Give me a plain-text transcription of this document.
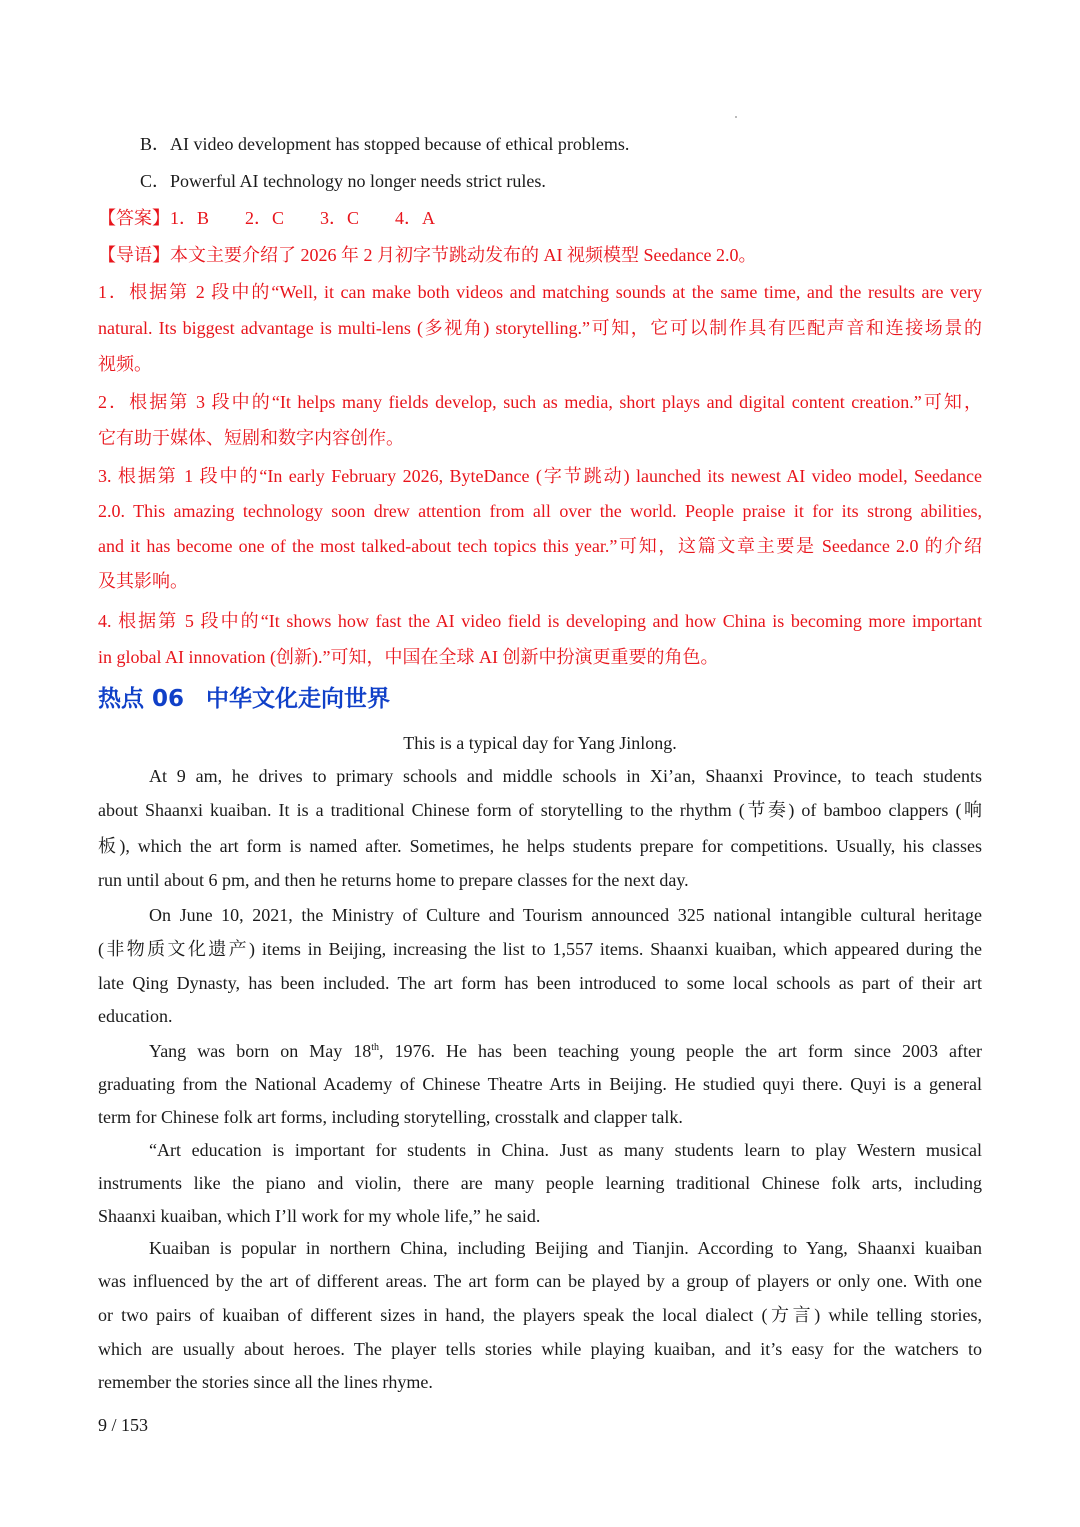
B．AI video development has stopped because of ethical problems.
C．Powerful AI technology no longer needs strict rules.
【答案】1．B　　2．C　　3．C　　4．A
【导语】本文主要介绍了 2026 年 2 月初字节跳动发布的 AI 视频模型 Seedance 2.0。
1．根据第 2 段中的“Well, it can make both videos and matching sounds at the same time, and the results are very
natural. Its biggest advantage is multi-lens (多视角) storytelling.”可知，它可以制作具有匹配声音和连接场景的
视频。
2．根据第 3 段中的“It helps many fields develop, such as media, short plays and digital content creation.”可知，
它有助于媒体、短剧和数字内容创作。
3. 根据第 1 段中的“In early February 2026, ByteDance (字节跳动) launched its newest AI video model, Seedance
2.0. This amazing technology soon drew attention from all over the world. People praise it for its strong abilities,
and it has become one of the most talked-about tech topics this year.”可知，这篇文章主要是 Seedance 2.0 的介绍
及其影响。
4. 根据第 5 段中的“It shows how fast the AI video field is developing and how China is becoming more important
in global AI innovation (创新).”可知，中国在全球 AI 创新中扮演更重要的角色。
热点 06 中华文化走向世界
This is a typical day for Yang Jinlong.
At 9 am, he drives to primary schools and middle schools in Xi’an, Shaanxi Province, to teach students
about Shaanxi kuaiban. It is a traditional Chinese form of storytelling to the rhythm (节奏) of bamboo clappers (响
板), which the art form is named after. Sometimes, he helps students prepare for competitions. Usually, his classes
run until about 6 pm, and then he returns home to prepare classes for the next day.
On June 10, 2021, the Ministry of Culture and Tourism announced 325 national intangible cultural heritage
(非物质文化遗产) items in Beijing, increasing the list to 1,557 items. Shaanxi kuaiban, which appeared during the
late Qing Dynasty, has been included. The art form has been introduced to some local schools as part of their art
education.
Yang was born on May 18th, 1976. He has been teaching young people the art form since 2003 after
graduating from the National Academy of Chinese Theatre Arts in Beijing. He studied quyi there. Quyi is a general
term for Chinese folk art forms, including storytelling, crosstalk and clapper talk.
“Art education is important for students in China. Just as many students learn to play Western musical
instruments like the piano and violin, there are many people learning traditional Chinese folk arts, including
Shaanxi kuaiban, which I’ll work for my whole life,” he said.
Kuaiban is popular in northern China, including Beijing and Tianjin. According to Yang, Shaanxi kuaiban
was influenced by the art of different areas. The art form can be played by a group of players or only one. With one
or two pairs of kuaiban of different sizes in hand, the players speak the local dialect (方言) while telling stories,
which are usually about heroes. The player tells stories while playing kuaiban, and it’s easy for the watchers to
remember the stories since all the lines rhyme.
9 / 153
